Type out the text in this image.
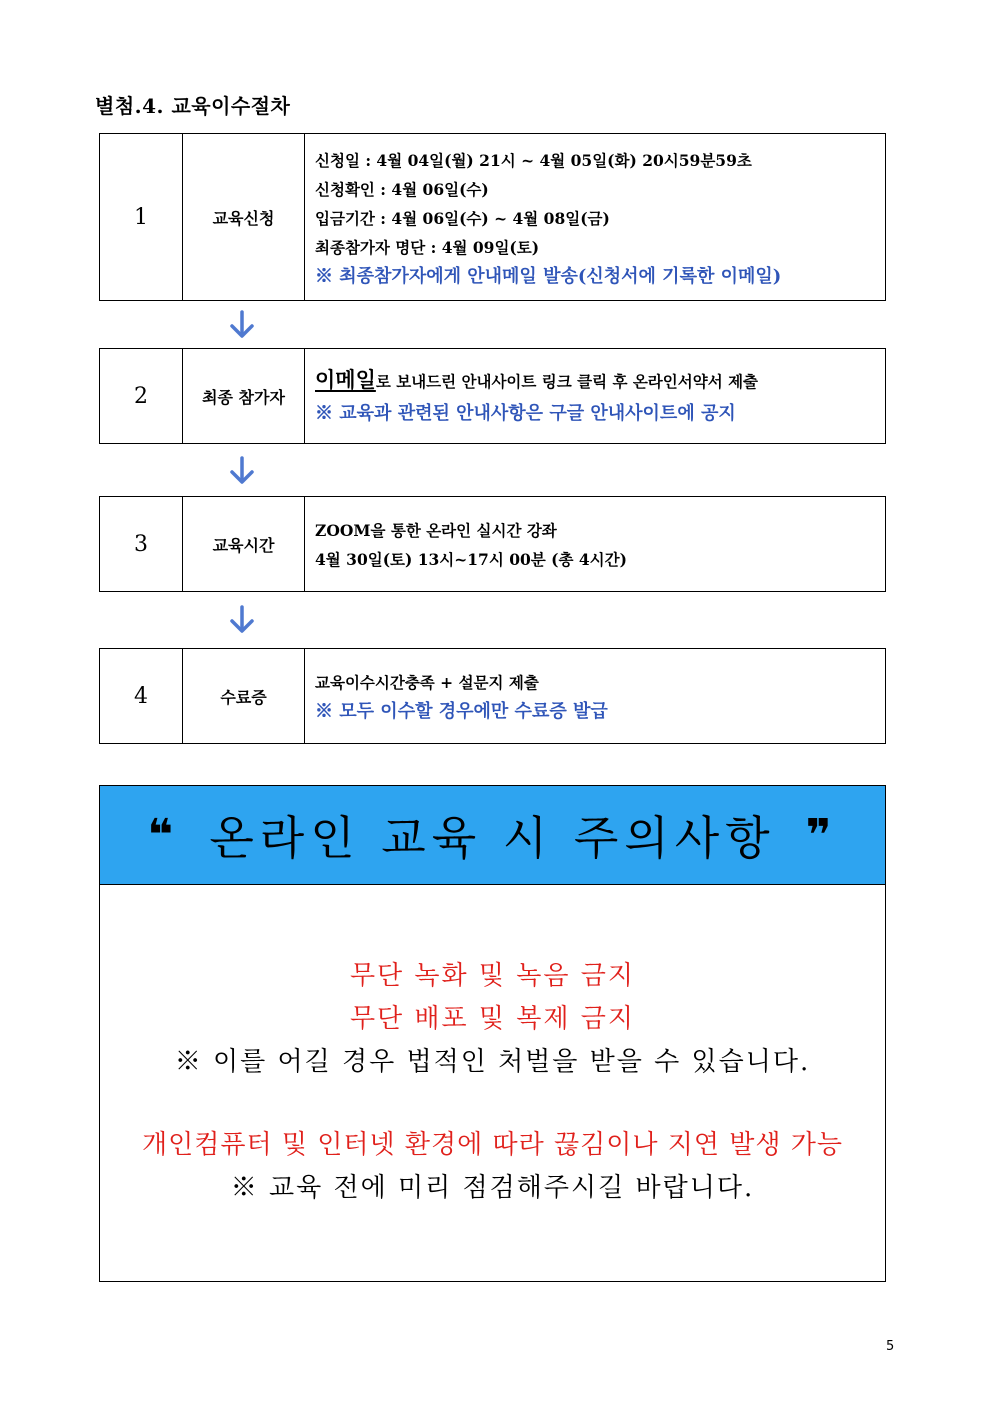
별첨.4. 교육이수절차
1	교육신청
신청일 : 4월 04일(월) 21시 ~ 4월 05일(화) 20시59분59초
신청확인 : 4월 06일(수)
입금기간 : 4월 06일(수) ~ 4월 08일(금)
최종참가자 명단 : 4월 09일(토)
※ 최종참가자에게 안내메일 발송(신청서에 기록한 이메일)
2	최종 참가자
이메일로 보내드린 안내사이트 링크 클릭 후 온라인서약서 제출
※ 교육과 관련된 안내사항은 구글 안내사이트에 공지
3	교육시간
ZOOM을 통한 온라인 실시간 강좌
4월 30일(토) 13시~17시 00분 (총 4시간)
4	수료증
교육이수시간충족 + 설문지 제출
※ 모두 이수할 경우에만 수료증 발급
❝ 온라인 교육 시 주의사항 ❞
무단 녹화 및 녹음 금지
무단 배포 및 복제 금지
※ 이를 어길 경우 법적인 처벌을 받을 수 있습니다.
개인컴퓨터 및 인터넷 환경에 따라 끊김이나 지연 발생 가능
※ 교육 전에 미리 점검해주시길 바랍니다.
5
